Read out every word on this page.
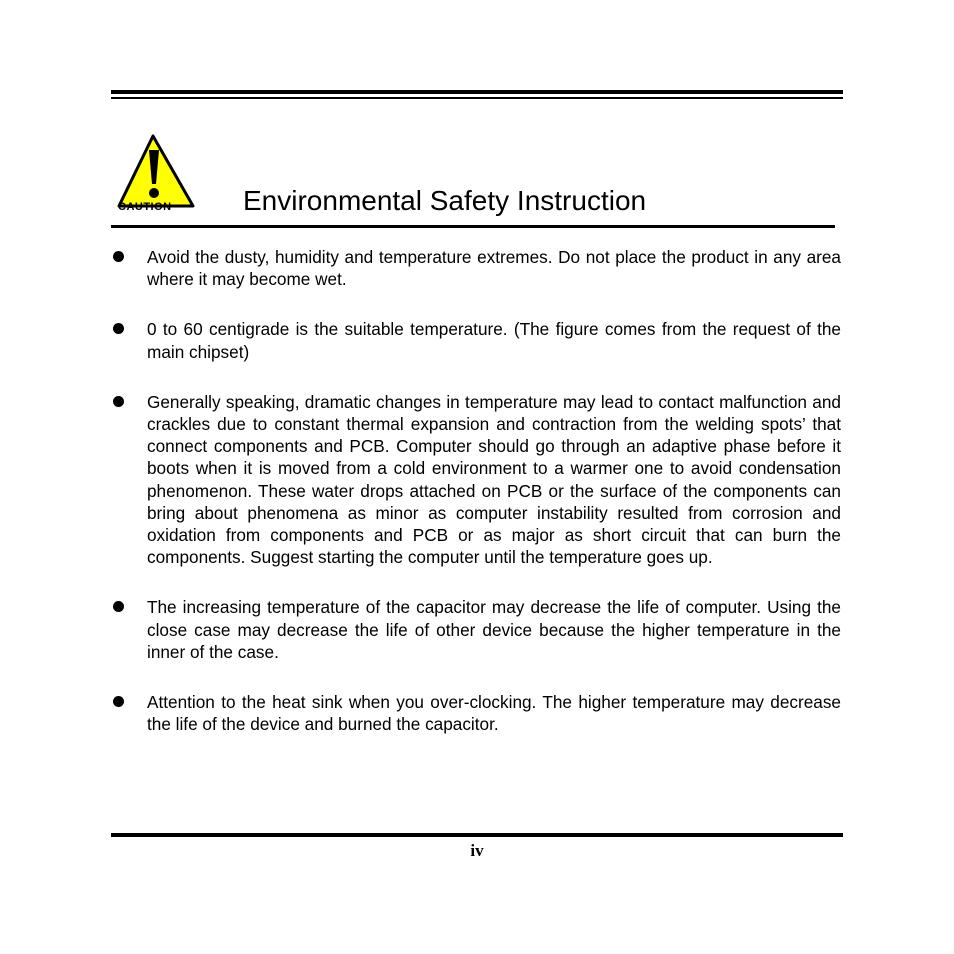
CAUTION	Environmental Safety Instruction
Avoid the dusty, humidity and temperature extremes. Do not place the product in any area where it may become wet.
0 to 60 centigrade is the suitable temperature. (The figure comes from the request of the main chipset)
Generally speaking, dramatic changes in temperature may lead to contact malfunction and crackles due to constant thermal expansion and contraction from the welding spots’ that connect components and PCB. Computer should go through an adaptive phase before it boots when it is moved from a cold environment to a warmer one to avoid condensation phenomenon. These water drops attached on PCB or the surface of the components can bring about phenomena as minor as computer instability resulted from corrosion and oxidation from components and PCB or as major as short circuit that can burn the components. Suggest starting the computer until the temperature goes up.
The increasing temperature of the capacitor may decrease the life of computer. Using the close case may decrease the life of other device because the higher temperature in the inner of the case.
Attention to the heat sink when you over-clocking. The higher temperature may decrease the life of the device and burned the capacitor.
iv
